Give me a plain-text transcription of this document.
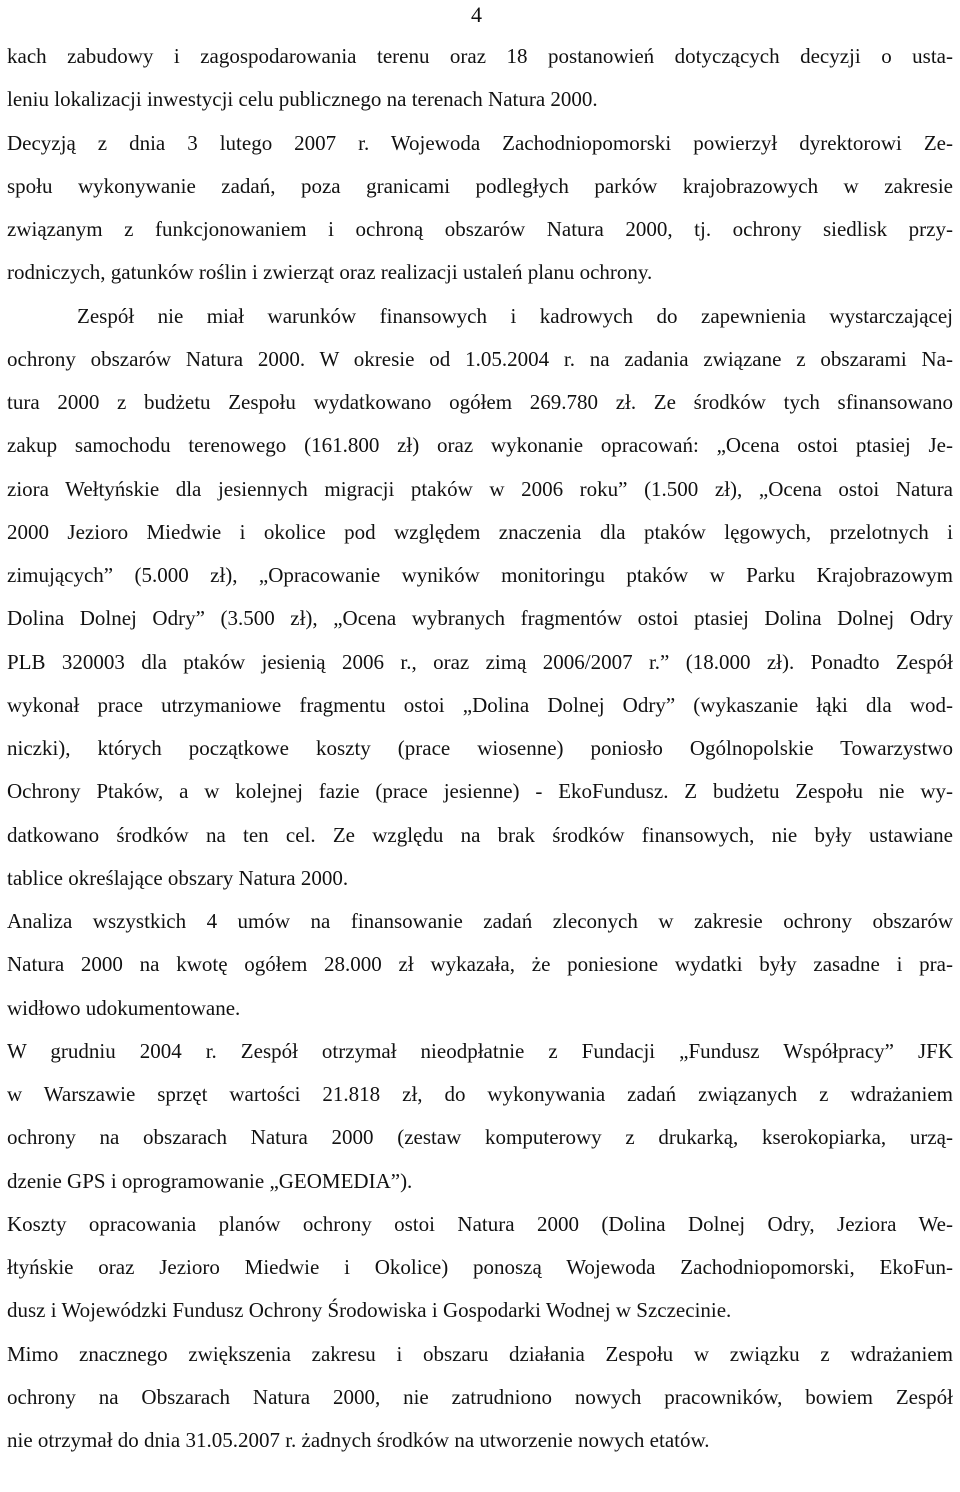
4
kach zabudowy i zagospodarowania terenu oraz 18 postanowień dotyczących decyzji o usta-
leniu lokalizacji inwestycji celu publicznego na terenach Natura 2000.
Decyzją z dnia 3 lutego 2007 r. Wojewoda Zachodniopomorski powierzył dyrektorowi Ze-
społu wykonywanie zadań, poza granicami podległych parków krajobrazowych w zakresie
związanym z funkcjonowaniem i ochroną obszarów Natura 2000, tj. ochrony siedlisk przy-
rodniczych, gatunków roślin i zwierząt oraz realizacji ustaleń planu ochrony.
Zespół nie miał warunków finansowych i kadrowych do zapewnienia wystarczającej
ochrony obszarów Natura 2000. W okresie od 1.05.2004 r. na zadania związane z obszarami Na-
tura 2000 z budżetu Zespołu wydatkowano ogółem 269.780 zł. Ze środków tych sfinansowano
zakup samochodu terenowego (161.800 zł) oraz wykonanie opracowań: „Ocena ostoi ptasiej Je-
ziora Wełtyńskie dla jesiennych migracji ptaków w 2006 roku” (1.500 zł), „Ocena ostoi Natura
2000 Jezioro Miedwie i okolice pod względem znaczenia dla ptaków lęgowych, przelotnych i
zimujących” (5.000 zł), „Opracowanie wyników monitoringu ptaków w Parku Krajobrazowym
Dolina Dolnej Odry” (3.500 zł), „Ocena wybranych fragmentów ostoi ptasiej Dolina Dolnej Odry
PLB 320003 dla ptaków jesienią 2006 r., oraz zimą 2006/2007 r.” (18.000 zł). Ponadto Zespół
wykonał prace utrzymaniowe fragmentu ostoi „Dolina Dolnej Odry” (wykaszanie łąki dla wod-
niczki), których początkowe koszty (prace wiosenne) poniosło Ogólnopolskie Towarzystwo
Ochrony Ptaków, a w kolejnej fazie (prace jesienne) - EkoFundusz. Z budżetu Zespołu nie wy-
datkowano środków na ten cel. Ze względu na brak środków finansowych, nie były ustawiane
tablice określające obszary Natura 2000.
Analiza wszystkich 4 umów na finansowanie zadań zleconych w zakresie ochrony obszarów
Natura 2000 na kwotę ogółem 28.000 zł wykazała, że poniesione wydatki były zasadne i pra-
widłowo udokumentowane.
W grudniu 2004 r. Zespół otrzymał nieodpłatnie z Fundacji „Fundusz Współpracy” JFK
w Warszawie sprzęt wartości 21.818 zł, do wykonywania zadań związanych z wdrażaniem
ochrony na obszarach Natura 2000 (zestaw komputerowy z drukarką, kserokopiarka, urzą-
dzenie GPS i oprogramowanie „GEOMEDIA”).
Koszty opracowania planów ochrony ostoi Natura 2000 (Dolina Dolnej Odry, Jeziora We-
łtyńskie oraz Jezioro Miedwie i Okolice) ponoszą Wojewoda Zachodniopomorski, EkoFun-
dusz i Wojewódzki Fundusz Ochrony Środowiska i Gospodarki Wodnej w Szczecinie.
Mimo znacznego zwiększenia zakresu i obszaru działania Zespołu w związku z wdrażaniem
ochrony na Obszarach Natura 2000, nie zatrudniono nowych pracowników, bowiem Zespół
nie otrzymał do dnia 31.05.2007 r. żadnych środków na utworzenie nowych etatów.
